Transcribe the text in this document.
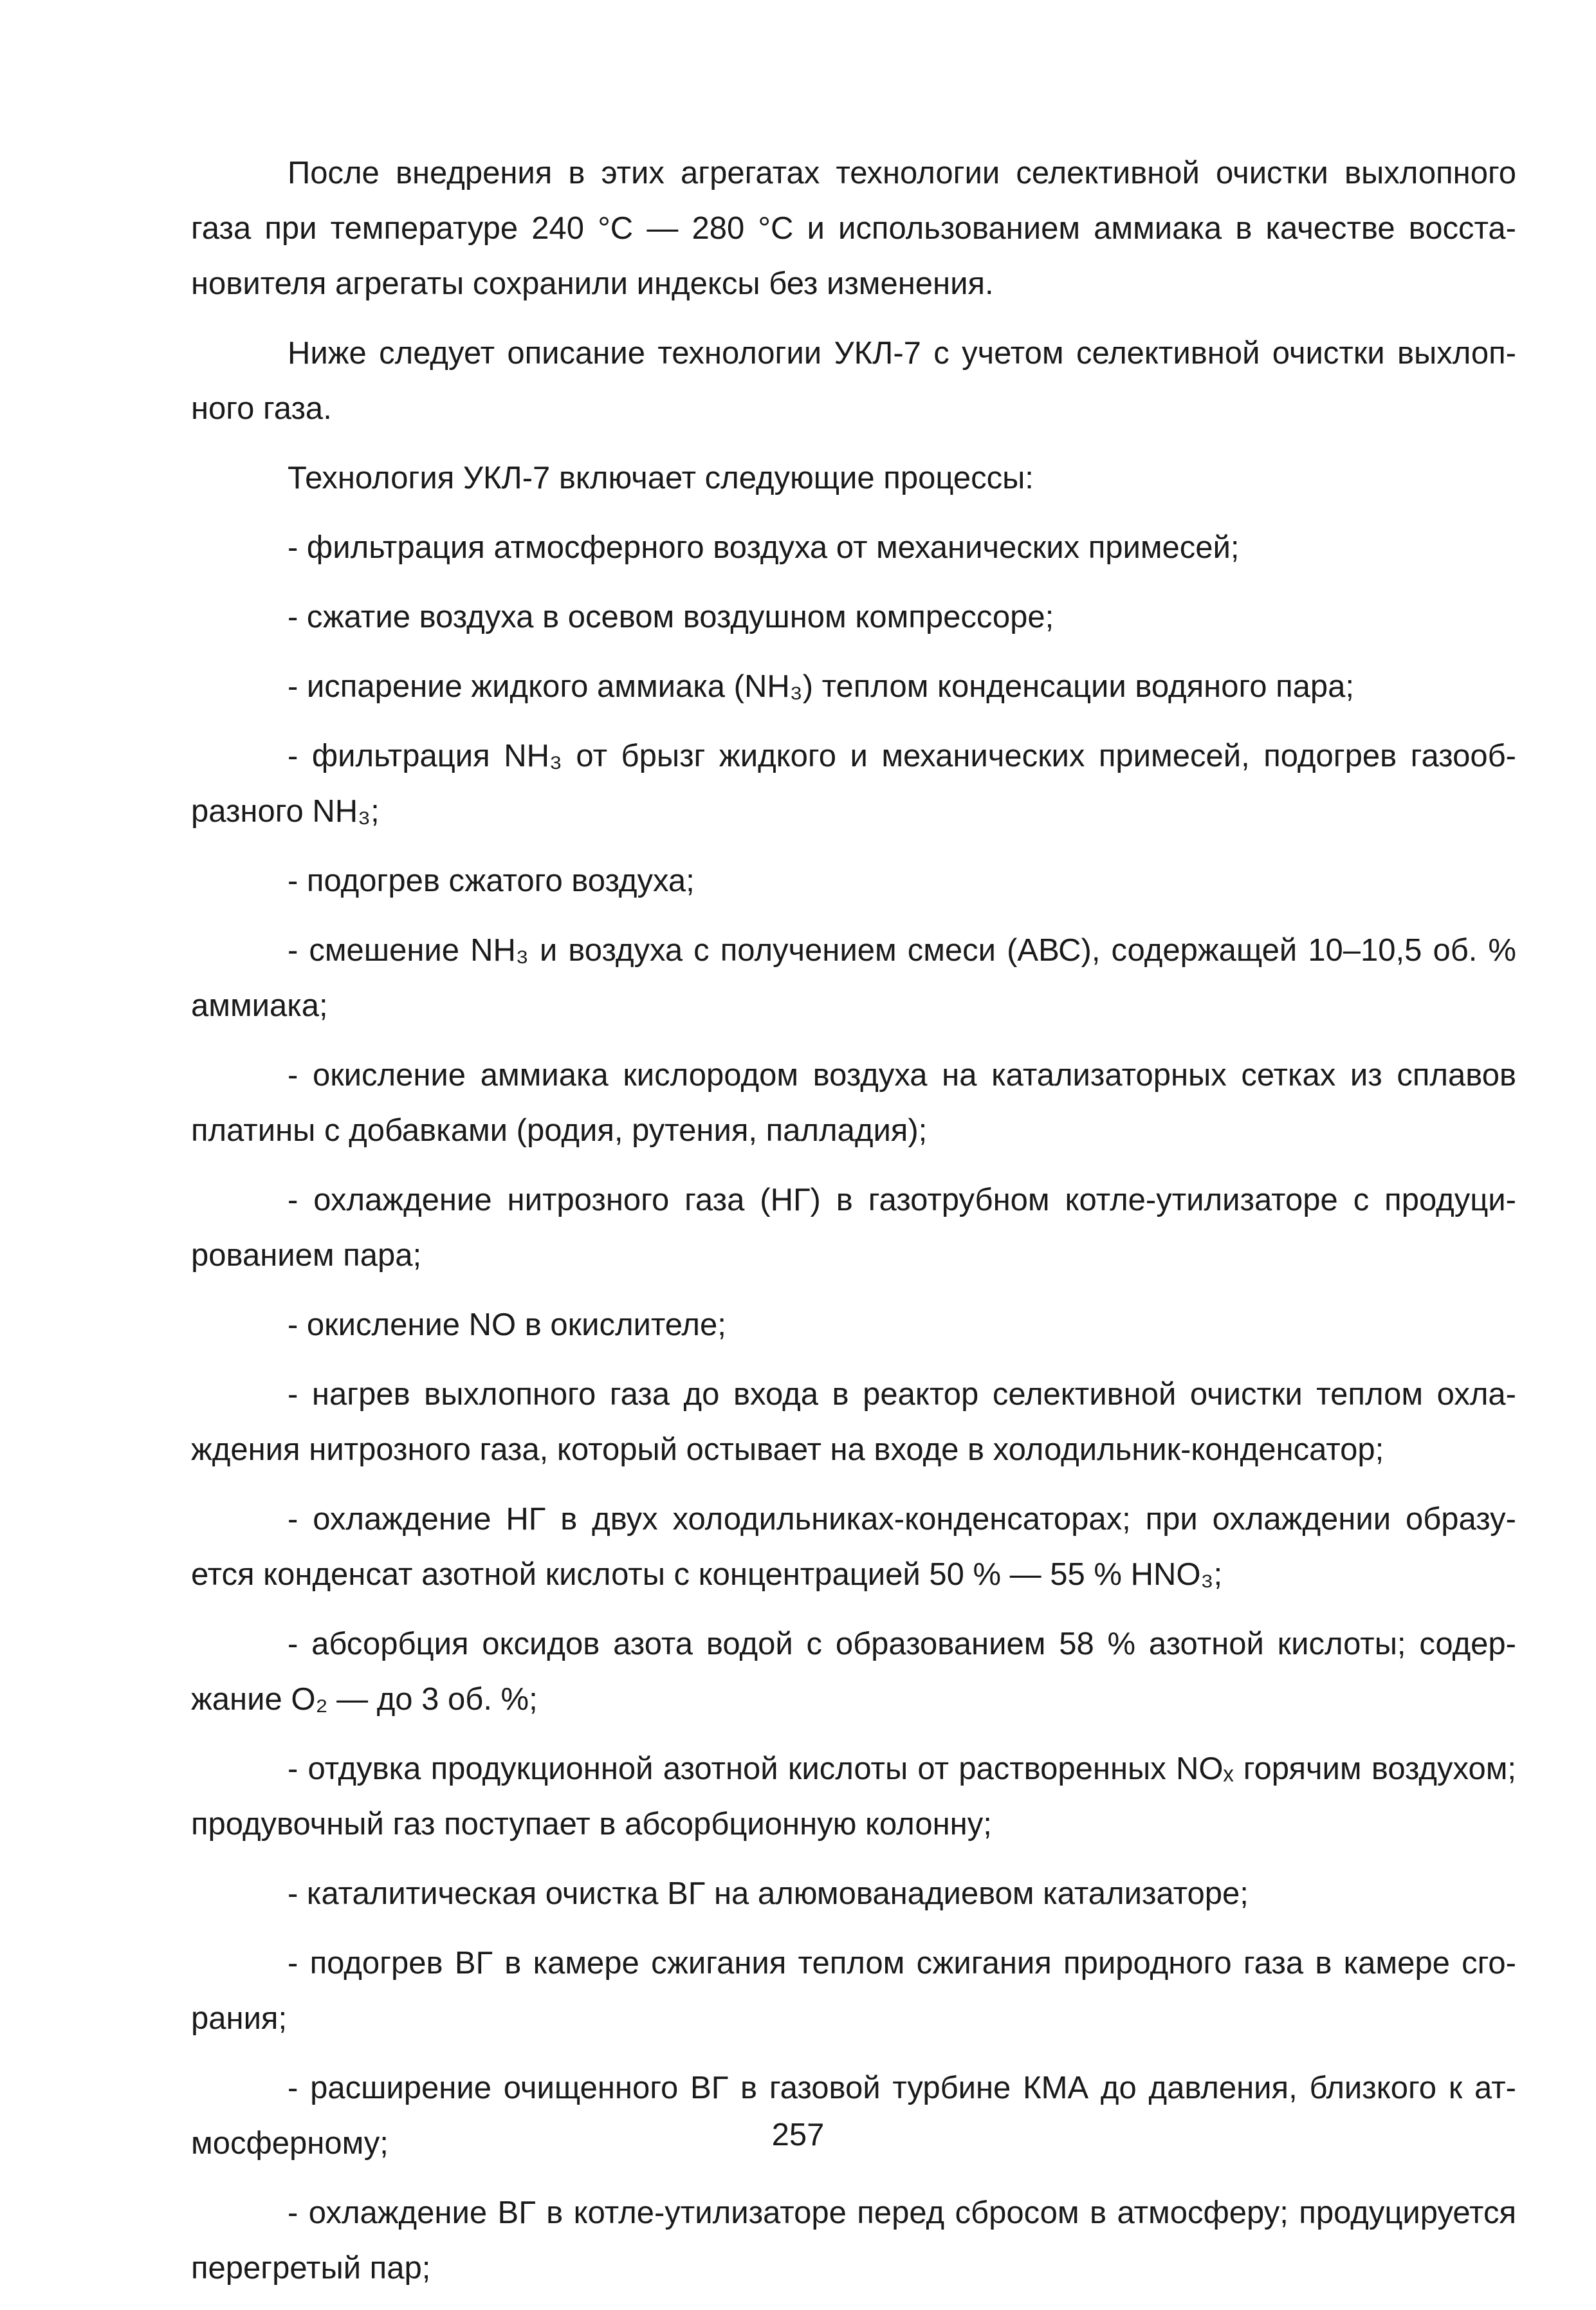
После внедрения в этих агрегатах технологии селективной очистки выхлопного газа при температуре 240 °С — 280 °С и использованием аммиака в качестве восстановителя агрегаты сохранили индексы без изменения.

Ниже следует описание технологии УКЛ-7 с учетом селективной очистки выхлопного газа.

Технология УКЛ-7 включает следующие процессы:

- фильтрация атмосферного воздуха от механических примесей;

- сжатие воздуха в осевом воздушном компрессоре;

- испарение жидкого аммиака (NH₃) теплом конденсации водяного пара;

- фильтрация NH₃ от брызг жидкого и механических примесей, подогрев газообразного NH₃;

- подогрев сжатого воздуха;

- смешение NH₃ и воздуха с получением смеси (АВС), содержащей 10–10,5 об. % аммиака;

- окисление аммиака кислородом воздуха на катализаторных сетках из сплавов платины с добавками (родия, рутения, палладия);

- охлаждение нитрозного газа (НГ) в газотрубном котле-утилизаторе с продуцированием пара;

- окисление NO в окислителе;

- нагрев выхлопного газа до входа в реактор селективной очистки теплом охлаждения нитрозного газа, который остывает на входе в холодильник-конденсатор;

- охлаждение НГ в двух холодильниках-конденсаторах; при охлаждении образуется конденсат азотной кислоты с концентрацией 50 % — 55 % HNO₃;

- абсорбция оксидов азота водой с образованием 58 % азотной кислоты; содержание O₂ — до 3 об. %;

- отдувка продукционной азотной кислоты от растворенных NOₓ горячим воздухом; продувочный газ поступает в абсорбционную колонну;

- каталитическая очистка ВГ на алюмованадиевом катализаторе;

- подогрев ВГ в камере сжигания теплом сжигания природного газа в камере сгорания;

- расширение очищенного ВГ в газовой турбине КМА до давления, близкого к атмосферному;

- охлаждение ВГ в котле-утилизаторе перед сбросом в атмосферу; продуцируется перегретый пар;

257
